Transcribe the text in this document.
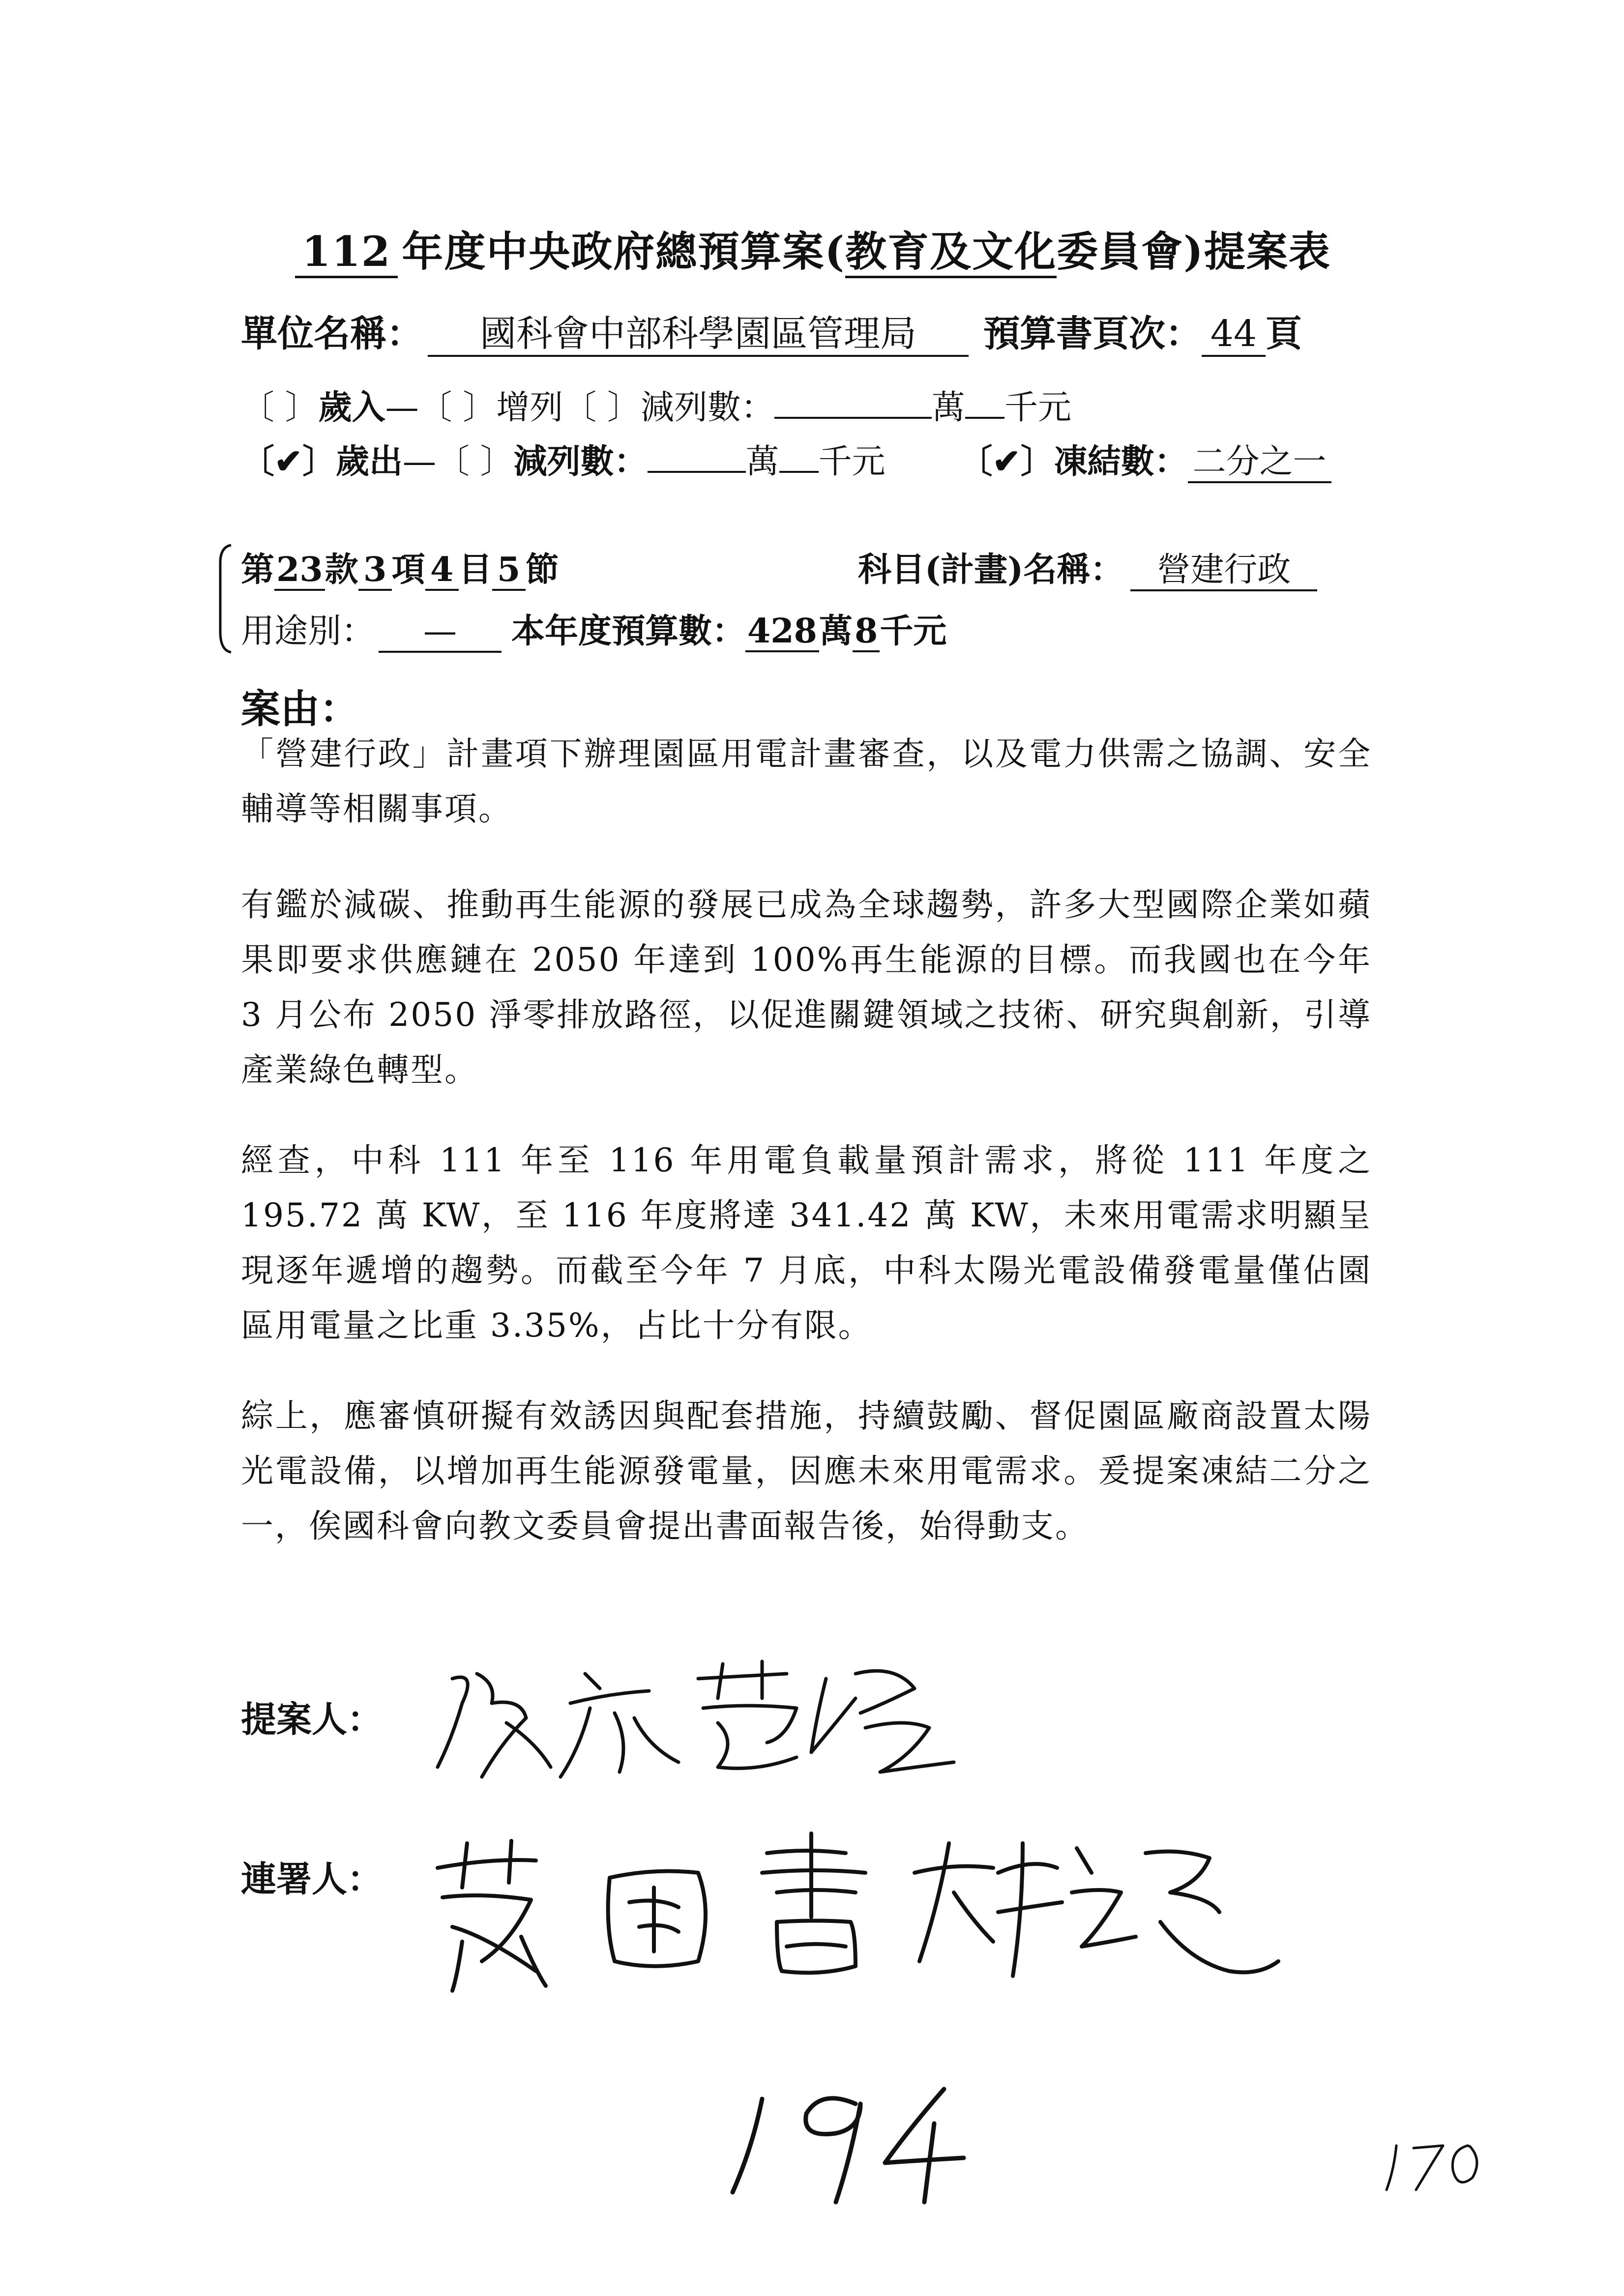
112 年度中央政府總預算案(教育及文化委員會)提案表
單位名稱： 國科會中部科學園區管理局 預算書頁次： 44 頁
〔 〕歲入—〔 〕增列〔 〕減列數：	萬 千元
〔✔〕歲出—〔 〕減列數：	萬 千元 〔✔〕凍結數： 二分之一
第23款 3 項 4 目 5 節	科目(計畫)名稱： 營建行政
用途別： — 本年度預算數：428萬8千元
案由：
「營建行政」計畫項下辦理園區用電計畫審查，以及電力供需之協調、安全輔導等相關事項。
有鑑於減碳、推動再生能源的發展已成為全球趨勢，許多大型國際企業如蘋果即要求供應鏈在 2050 年達到 100%再生能源的目標。而我國也在今年 3 月公布 2050 淨零排放路徑，以促進關鍵領域之技術、研究與創新，引導產業綠色轉型。
經查，中科 111 年至 116 年用電負載量預計需求，將從 111 年度之 195.72 萬 KW，至 116 年度將達 341.42 萬 KW，未來用電需求明顯呈現逐年遞增的趨勢。而截至今年 7 月底，中科太陽光電設備發電量僅佔園區用電量之比重 3.35%，占比十分有限。
綜上，應審慎研擬有效誘因與配套措施，持續鼓勵、督促園區廠商設置太陽光電設備，以增加再生能源發電量，因應未來用電需求。爰提案凍結二分之一，俟國科會向教文委員會提出書面報告後，始得動支。
提案人：
連署人：
